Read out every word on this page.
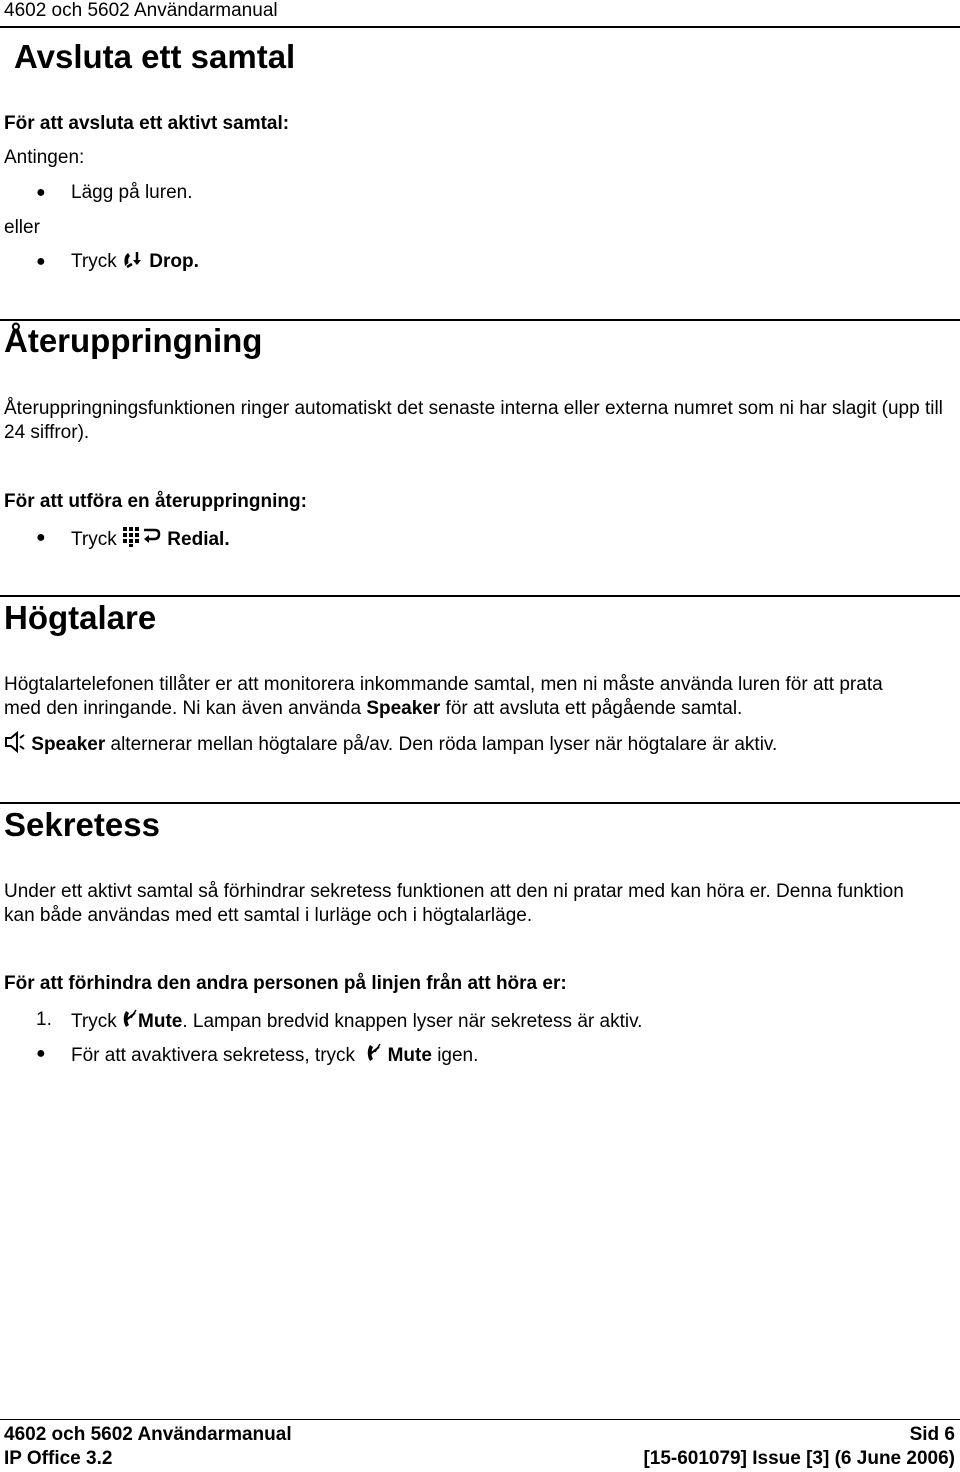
4602 och 5602 Användarmanual
Avsluta ett samtal
För att avsluta ett aktivt samtal:
Antingen:
● Lägg på luren.
eller
● Tryck Drop.
Återuppringning
Återuppringningsfunktionen ringer automatiskt det senaste interna eller externa numret som ni har slagit (upp till 24 siffror).
För att utföra en återuppringning:
● Tryck	Redial.
Högtalare
Högtalartelefonen tillåter er att monitorera inkommande samtal, men ni måste använda luren för att prata
med den inringande. Ni kan även använda Speaker för att avsluta ett pågående samtal.
Speaker alternerar mellan högtalare på/av. Den röda lampan lyser när högtalare är aktiv.
Sekretess
Under ett aktivt samtal så förhindrar sekretess funktionen att den ni pratar med kan höra er. Denna funktion kan både användas med ett samtal i lurläge och i högtalarläge.
För att förhindra den andra personen på linjen från att höra er:
1. Tryck Mute. Lampan bredvid knappen lyser när sekretess är aktiv.
● För att avaktivera sekretess, tryck Mute igen.
4602 och 5602 Användarmanual
IP Office 3.2
Sid 6
[15-601079] Issue [3] (6 June 2006)
